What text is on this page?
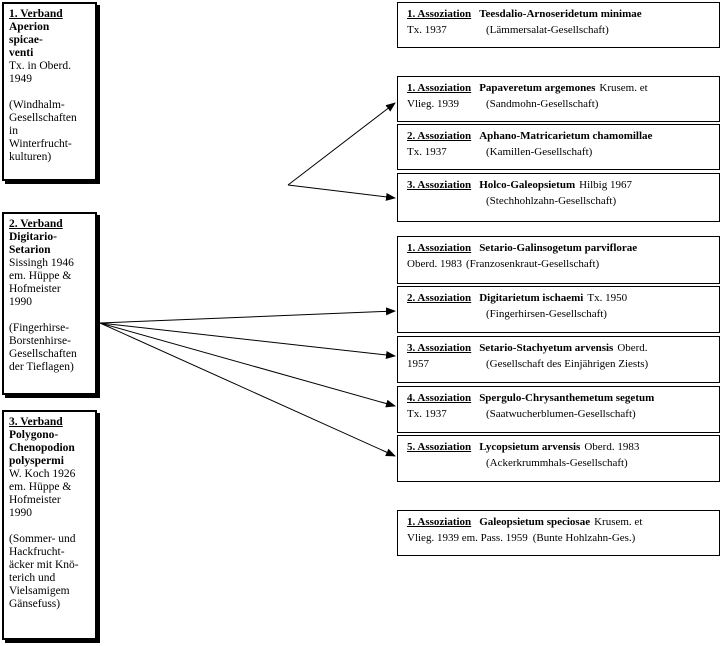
1. Verband
Aperion
spicae-
venti
Tx. in Oberd.
1949
(Windhalm-
Gesellschaften
in
Winterfrucht-
kulturen)
2. Verband
Digitario-
Setarion
Sissingh 1946
em. Hüppe &
Hofmeister
1990
(Fingerhirse-
Borstenhirse-
Gesellschaften
der Tieflagen)
3. Verband
Polygono-
Chenopodion
polyspermi
W. Koch 1926
em. Hüppe &
Hofmeister
1990
(Sommer- und
Hackfrucht-
äcker mit Knö-
terich und
Vielsamigem
Gänsefuss)
1. Assoziation Teesdalio-Arnoseridetum minimae
Tx. 1937	(Lämmersalat-Gesellschaft)
1. Assoziation Papaveretum argemones Krusem. et
Vlieg. 1939 (Sandmohn-Gesellschaft)
2. Assoziation Aphano-Matricarietum chamomillae
Tx. 1937	(Kamillen-Gesellschaft)
3. Assoziation Holco-Galeopsietum Hilbig 1967
(Stechhohlzahn-Gesellschaft)
1. Assoziation Setario-Galinsogetum parviflorae
Oberd. 1983 (Franzosenkraut-Gesellschaft)
2. Assoziation Digitarietum ischaemi Tx. 1950
(Fingerhirsen-Gesellschaft)
3. Assoziation Setario-Stachyetum arvensis Oberd.
1957	(Gesellschaft des Einjährigen Ziests)
4. Assoziation Spergulo-Chrysanthemetum segetum
Tx. 1937	(Saatwucherblumen-Gesellschaft)
5. Assoziation Lycopsietum arvensis Oberd. 1983
(Ackerkrummhals-Gesellschaft)
1. Assoziation Galeopsietum speciosae Krusem. et
Vlieg. 1939 em. Pass. 1959 (Bunte Hohlzahn-Ges.)
